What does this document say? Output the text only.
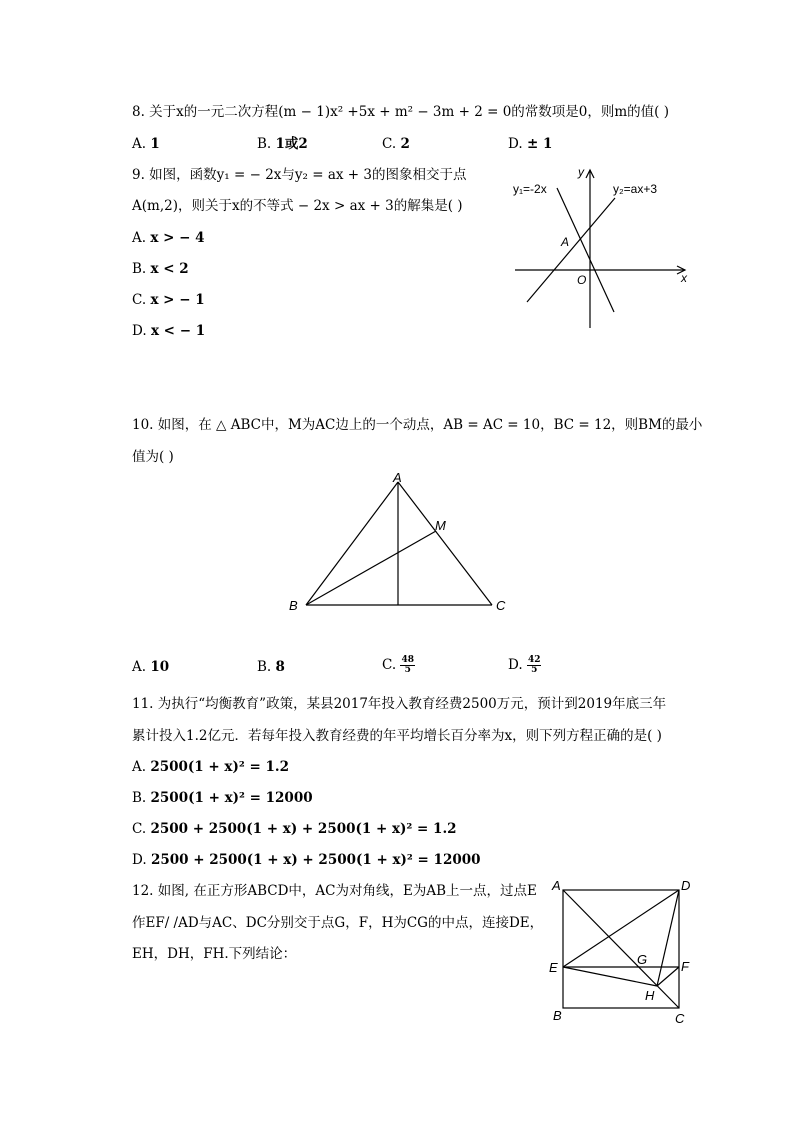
8. 关于x的一元二次方程(m − 1)x² +5x + m² − 3m + 2 = 0的常数项是0，则m的值( )
A. 1	B. 1或2	C. 2	D. ± 1
9. 如图，函数y₁ = − 2x与y₂ = ax + 3的图象相交于点
A(m,2)，则关于x的不等式 − 2x > ax + 3的解集是( )
A. x > − 4
B. x < 2
C. x > − 1
D. x < − 1
y₁=-2x	y₂=ax+3
y
x
O
A
10. 如图，在 △ ABC中，M为AC边上的一个动点，AB = AC = 10，BC = 12，则BM的最小
值为( )
A
B	C
M
A. 10	B. 8	C. $\frac{48}{5}$	D. $\frac{42}{5}$
11. 为执行“均衡教育”政策，某县2017年投入教育经费2500万元，预计到2019年底三年
累计投入1.2亿元．若每年投入教育经费的年平均增长百分率为x，则下列方程正确的是( )
A. 2500(1 + x)² = 1.2
B. 2500(1 + x)² = 12000
C. 2500 + 2500(1 + x) + 2500(1 + x)² = 1.2
D. 2500 + 2500(1 + x) + 2500(1 + x)² = 12000
12. 如图, 在正方形ABCD中，AC为对角线，E为AB上一点，过点E
作EF/ /AD与AC、DC分别交于点G，F，H为CG的中点，连接DE，
EH，DH，FH.下列结论：
A	D
E	F
G
H
B	C
